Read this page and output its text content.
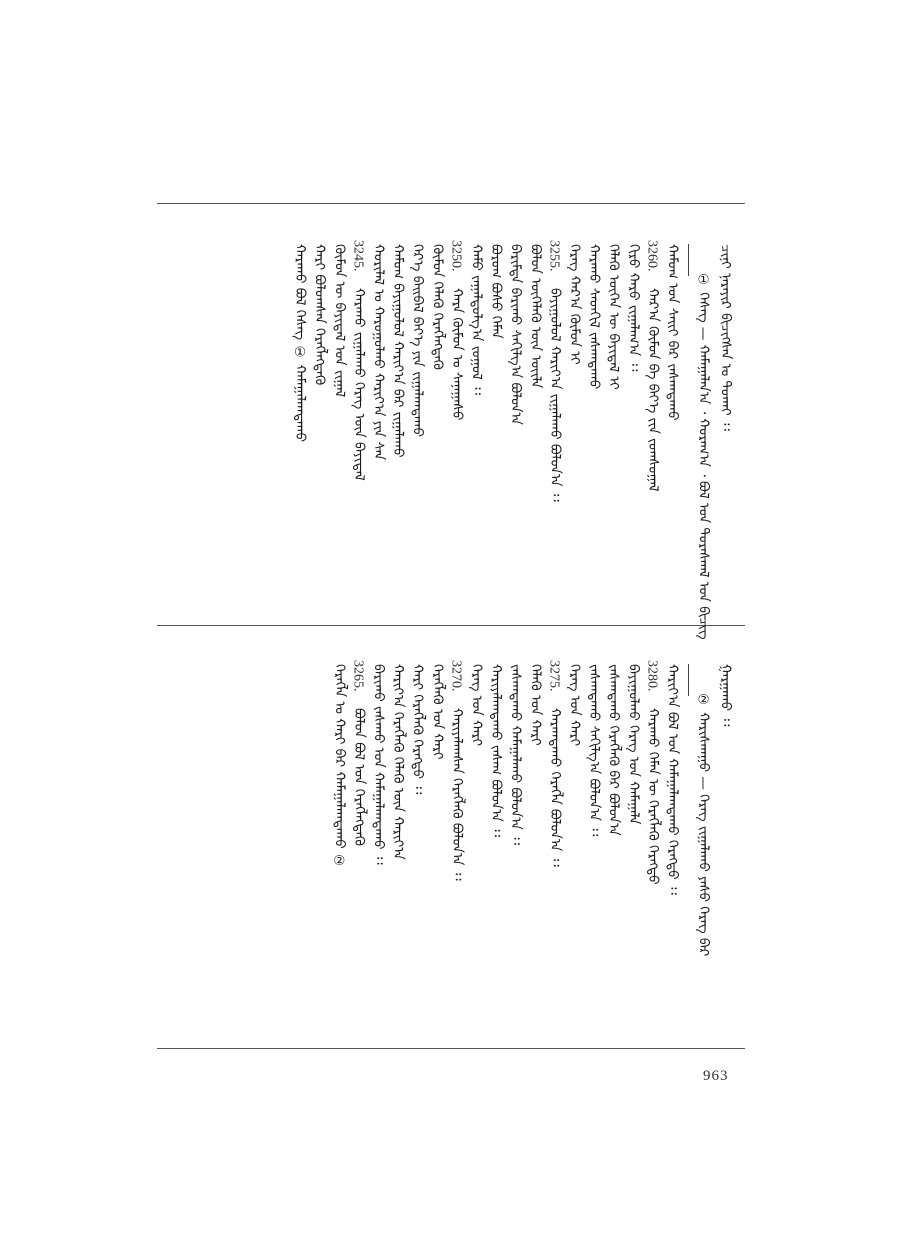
ᠴᠢᠨᠢ ᠨᠡᠷᠡᠶᠢᠷ ᠪᠢᠴᠢᠭᠰᠡᠨ ᠣ ᠲᠤᠬᠠᠢ ᠄᠄
① ᠬᠡᠰᠡᠭ — ᠬᠠᠮᠠᠭᠠᠯᠠᠨ᠎ᠠ ᠂ ᠬᠤᠷᠠᠭ᠎ᠠ ᠂ ᠪᠣᠯ ᠤᠨ ᠳᠤᠷᠠᠰᠬᠠᠯ ᠤᠨ ᠪᠢᠴᠢᠭ
ᠬᠠᠮᠤᠭ ᠤᠨ ᠰᠠᠢᠢ ᠪᠠᠷ ᠵᠠᠰᠠᠭᠳᠠᠬᠤ
ᠬᠠᠷ᠎ᠠ ᠬᠦᠮᠦᠨ ᠪᠠ ᠪᠡᠶ᠎ᠡ ᠵᠢᠨ ᠵᠣᠭᠰᠣᠭᠠᠯ
3260.
ᠬᠢᠷᠤ ᠬᠠᠷᠤ ᠵᠢᠭᠠᠯᠠᠭ᠎ᠠ ᠄᠄
ᠬᠡᠯᠡᠭᠦ ᠦᠭᠡᠨ ᠦ ᠪᠠᠶᠢᠳᠠᠯ ᠢ
ᠬᠠᠷᠠᠬᠤ ᠰᠡᠳᠬᠢᠯ ᠵᠠᠰᠠᠭᠳᠠᠬᠤ
ᠬᠡᠷᠡᠭ ᠬᠠᠷ᠎ᠠ ᠬᠦᠮᠦᠨ ᠢ
ᠪᠠᠶᠢᠭᠤᠯᠤᠯ ᠬᠠᠷᠢᠶ᠎ᠠ ᠵᠢᠭᠠᠯᠠᠬᠤ ᠪᠣᠯᠤᠨ᠎ᠠ ᠄᠄
3255.
ᠪᠣᠯᠤᠨ ᠦᠭᠡᠯᠡᠬᠦ ᠦᠨ ᠦᠢᠯᠡ
ᠪᠠᠷᠢᠮᠲᠠ ᠪᠠᠷᠢᠬᠤ ᠰᠠᠬᠢᠯᠭ᠎ᠠ ᠪᠣᠯᠤᠨ᠎ᠠ
ᠪᠤᠷᠤᠭ ᠪᠤᠰᠤ ᠬᠡᠮᠡᠨ
ᠬᠠᠮᠤ ᠵᠠᠭᠠᠯᠳᠤᠯᠭ᠎ᠠ ᠵᠤᠭᠤᠯ ᠄᠄
ᠬᠠᠷᠠ ᠬᠦᠮᠦᠨ ᠤ ᠰᠠᠨᠠᠭᠠᠰᠤ
3250.
ᠬᠦᠮᠦᠨ ᠬᠡᠯᠡᠬᠦ ᠬᠡᠷᠡᠭᠯᠡᠭᠳᠡᠬᠦ
ᠬᠡᠷ᠎ᠡ ᠪᠠᠢᠪᠠᠯ ᠪᠡᠶ᠎ᠡ ᠶᠢᠨ ᠵᠢᠭᠠᠯᠠᠭᠳᠠᠬᠤ
ᠬᠠᠮᠤᠭ ᠪᠠᠶᠢᠭᠤᠯᠤᠯ ᠬᠠᠷᠢᠶ᠎ᠠ ᠪᠠᠷ ᠵᠢᠭᠠᠯᠠᠬᠤ
ᠬᠣᠷᠢᠯᠠᠯ ᠤ ᠬᠠᠷᠤᠭᠤᠯᠬᠤ ᠬᠠᠷᠢᠶ᠎ᠠ ᠶᠢᠨ ᠰᠠᠨ
ᠬᠠᠷᠠᠬᠤ ᠵᠢᠭᠠᠯᠠᠬᠤ ᠬᠡᠷᠡᠭ ᠦᠨ ᠪᠠᠶᠢᠳᠠᠯ
3245.
ᠬᠦᠮᠦᠨ ᠦ ᠪᠠᠶᠢᠳᠠᠯ ᠤᠨ ᠵᠢᠭᠠᠯ
ᠬᠠᠷᠢ ᠪᠣᠯᠤᠭᠰᠠᠨ ᠬᠡᠷᠡᠭᠯᠡᠭᠳᠡᠬᠦ
ᠬᠠᠷᠠᠬᠤ ᠪᠣᠯ ᠬᠡᠰᠡᠭ ① ᠬᠠᠮᠠᠭᠠᠯᠠᠭᠳᠠᠬᠤ
ᠭᠠᠷᠭᠠᠬᠤ ᠄᠄
② ᠬᠠᠷᠢᠰᠬᠠᠭᠤ — ᠬᠡᠷᠡᠭ ᠵᠢᠭᠠᠯᠠᠬᠤ ᠶᠠᠰᠤ ᠬᠡᠷᠡᠭ ᠪᠠᠷ
ᠬᠠᠷᠢᠶ᠎ᠠ ᠪᠣᠯ ᠤᠨ ᠬᠠᠮᠠᠭᠠᠯᠠᠭᠳᠠᠬᠤ ᠬᠡᠷᠡᠭᠲᠦ ᠄᠄
ᠬᠠᠷᠠᠬᠤ ᠬᠡᠮᠡᠨ ᠦ ᠬᠡᠷᠡᠭᠯᠡᠬᠦ ᠬᠡᠷᠡᠭᠲᠦ
3280.
ᠪᠠᠶᠢᠭᠤᠯᠬᠤ ᠬᠡᠷᠡᠭ ᠤᠨ ᠬᠠᠮᠠᠭᠠᠯᠠ
ᠵᠠᠰᠠᠭᠳᠠᠬᠤ ᠬᠡᠷᠡᠭᠯᠡᠬᠦ ᠪᠠᠷ ᠪᠣᠯᠤᠨ᠎ᠠ
ᠵᠠᠰᠠᠭᠳᠠᠬᠤ ᠰᠠᠬᠢᠯᠭ᠎ᠠ ᠪᠣᠯᠤᠨ᠎ᠠ ᠄᠄
ᠬᠡᠷᠡᠭ ᠤᠨ ᠬᠠᠷᠢ
ᠬᠠᠷᠠᠭᠳᠠᠬᠤ ᠬᠡᠷᠡᠭᠯᠡ ᠪᠣᠯᠤᠨ᠎ᠠ ᠄᠄
3275.
ᠬᠡᠯᠡᠬᠦ ᠤᠨ ᠬᠠᠷᠢ
ᠵᠠᠰᠠᠭᠳᠠᠬᠤ ᠬᠠᠮᠠᠭᠠᠯᠠᠬᠤ ᠪᠣᠯᠤᠨ᠎ᠠ ᠄᠄
ᠬᠠᠷᠢᠶᠠᠯᠠᠭᠳᠠᠬᠤ ᠵᠠᠰᠠᠭ ᠪᠣᠯᠤᠨ᠎ᠠ ᠄᠄
ᠬᠡᠷᠡᠭ ᠤᠨ ᠬᠠᠷᠢ
ᠬᠠᠷᠢᠶᠠᠯᠠᠭᠰᠠᠨ ᠬᠡᠷᠡᠭᠯᠡᠬᠦ ᠪᠣᠯᠤᠨ᠎ᠠ ᠄᠄
3270.
ᠬᠡᠷᠡᠭᠯᠡᠬᠦ ᠤᠨ ᠬᠠᠷᠢ
ᠬᠠᠷᠢ ᠬᠡᠷᠡᠭᠯᠡᠬᠦ ᠬᠡᠷᠡᠭᠲᠦ ᠄᠄
ᠬᠠᠷᠢᠶ᠎ᠠ ᠬᠡᠷᠡᠭᠯᠡᠬᠦ ᠬᠡᠯᠡᠬᠦ ᠦᠨ ᠬᠠᠷᠢᠶ᠎ᠠ
ᠪᠠᠷᠢᠬᠤ ᠵᠠᠰᠠᠬᠤ ᠤᠨ ᠬᠠᠮᠠᠭᠠᠯᠠᠭᠳᠠᠬᠤ ᠄᠄
ᠪᠣᠯᠤᠨ ᠪᠣᠯ ᠤᠨ ᠬᠡᠷᠡᠭᠯᠡᠭᠳᠡᠬᠦ
3265.
ᠬᠡᠷᠡᠭᠯᠡ ᠤ ᠬᠠᠷᠢ ᠪᠠᠷ ᠬᠠᠮᠠᠭᠠᠯᠠᠭᠳᠠᠬᠤ ②
963
